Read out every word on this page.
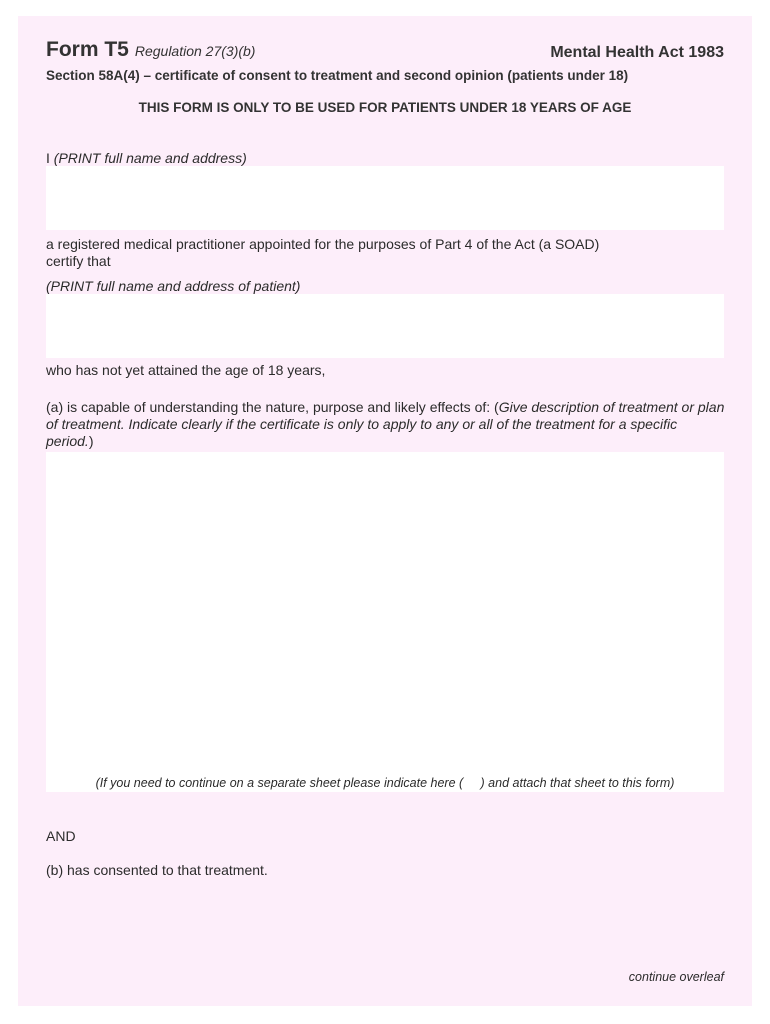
Form T5 Regulation 27(3)(b)	Mental Health Act 1983
Section 58A(4) – certificate of consent to treatment and second opinion (patients under 18)
THIS FORM IS ONLY TO BE USED FOR PATIENTS UNDER 18 YEARS OF AGE
I (PRINT full name and address)
a registered medical practitioner appointed for the purposes of Part 4 of the Act (a SOAD)
certify that
(PRINT full name and address of patient)
who has not yet attained the age of 18 years,
(a) is capable of understanding the nature, purpose and likely effects of: (Give description of treatment or plan of treatment. Indicate clearly if the certificate is only to apply to any or all of the treatment for a specific period.)
(If you need to continue on a separate sheet please indicate here (     ) and attach that sheet to this form)
AND
(b) has consented to that treatment.
continue overleaf
